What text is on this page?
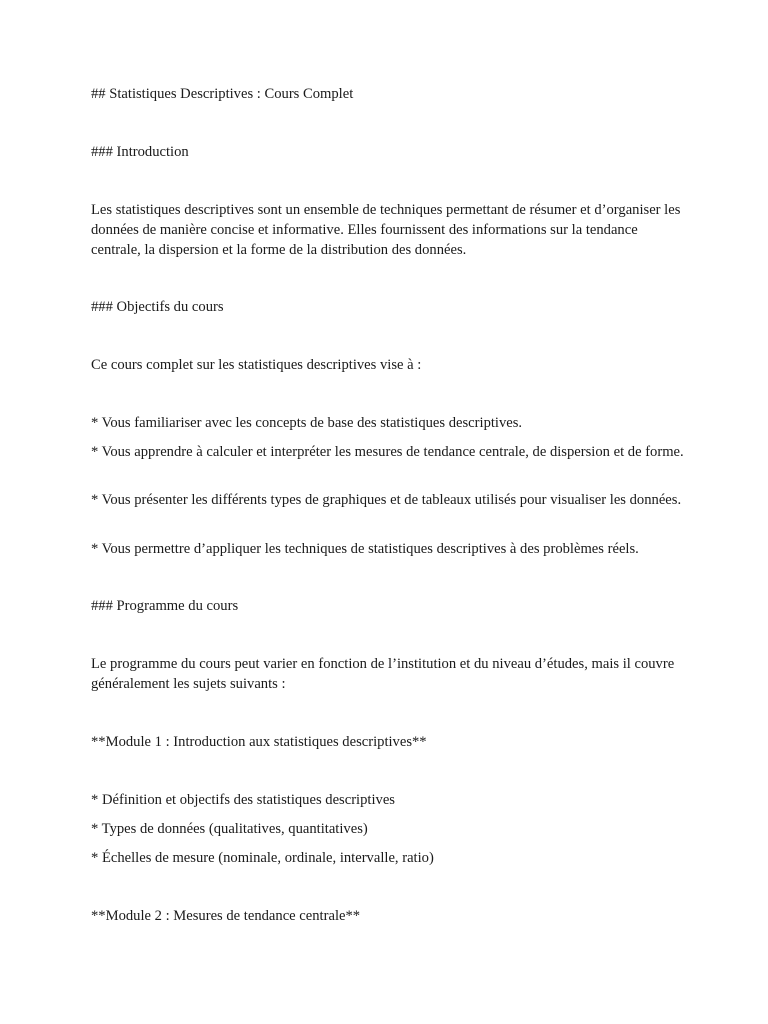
## Statistiques Descriptives : Cours Complet

### Introduction

Les statistiques descriptives sont un ensemble de techniques permettant de résumer et d’organiser les données de manière concise et informative. Elles fournissent des informations sur la tendance centrale, la dispersion et la forme de la distribution des données.

### Objectifs du cours

Ce cours complet sur les statistiques descriptives vise à :

* Vous familiariser avec les concepts de base des statistiques descriptives.

* Vous apprendre à calculer et interpréter les mesures de tendance centrale, de dispersion et de forme.

* Vous présenter les différents types de graphiques et de tableaux utilisés pour visualiser les données.

* Vous permettre d’appliquer les techniques de statistiques descriptives à des problèmes réels.

### Programme du cours

Le programme du cours peut varier en fonction de l’institution et du niveau d’études, mais il couvre généralement les sujets suivants :

**Module 1 : Introduction aux statistiques descriptives**

* Définition et objectifs des statistiques descriptives

* Types de données (qualitatives, quantitatives)

* Échelles de mesure (nominale, ordinale, intervalle, ratio)

**Module 2 : Mesures de tendance centrale**
